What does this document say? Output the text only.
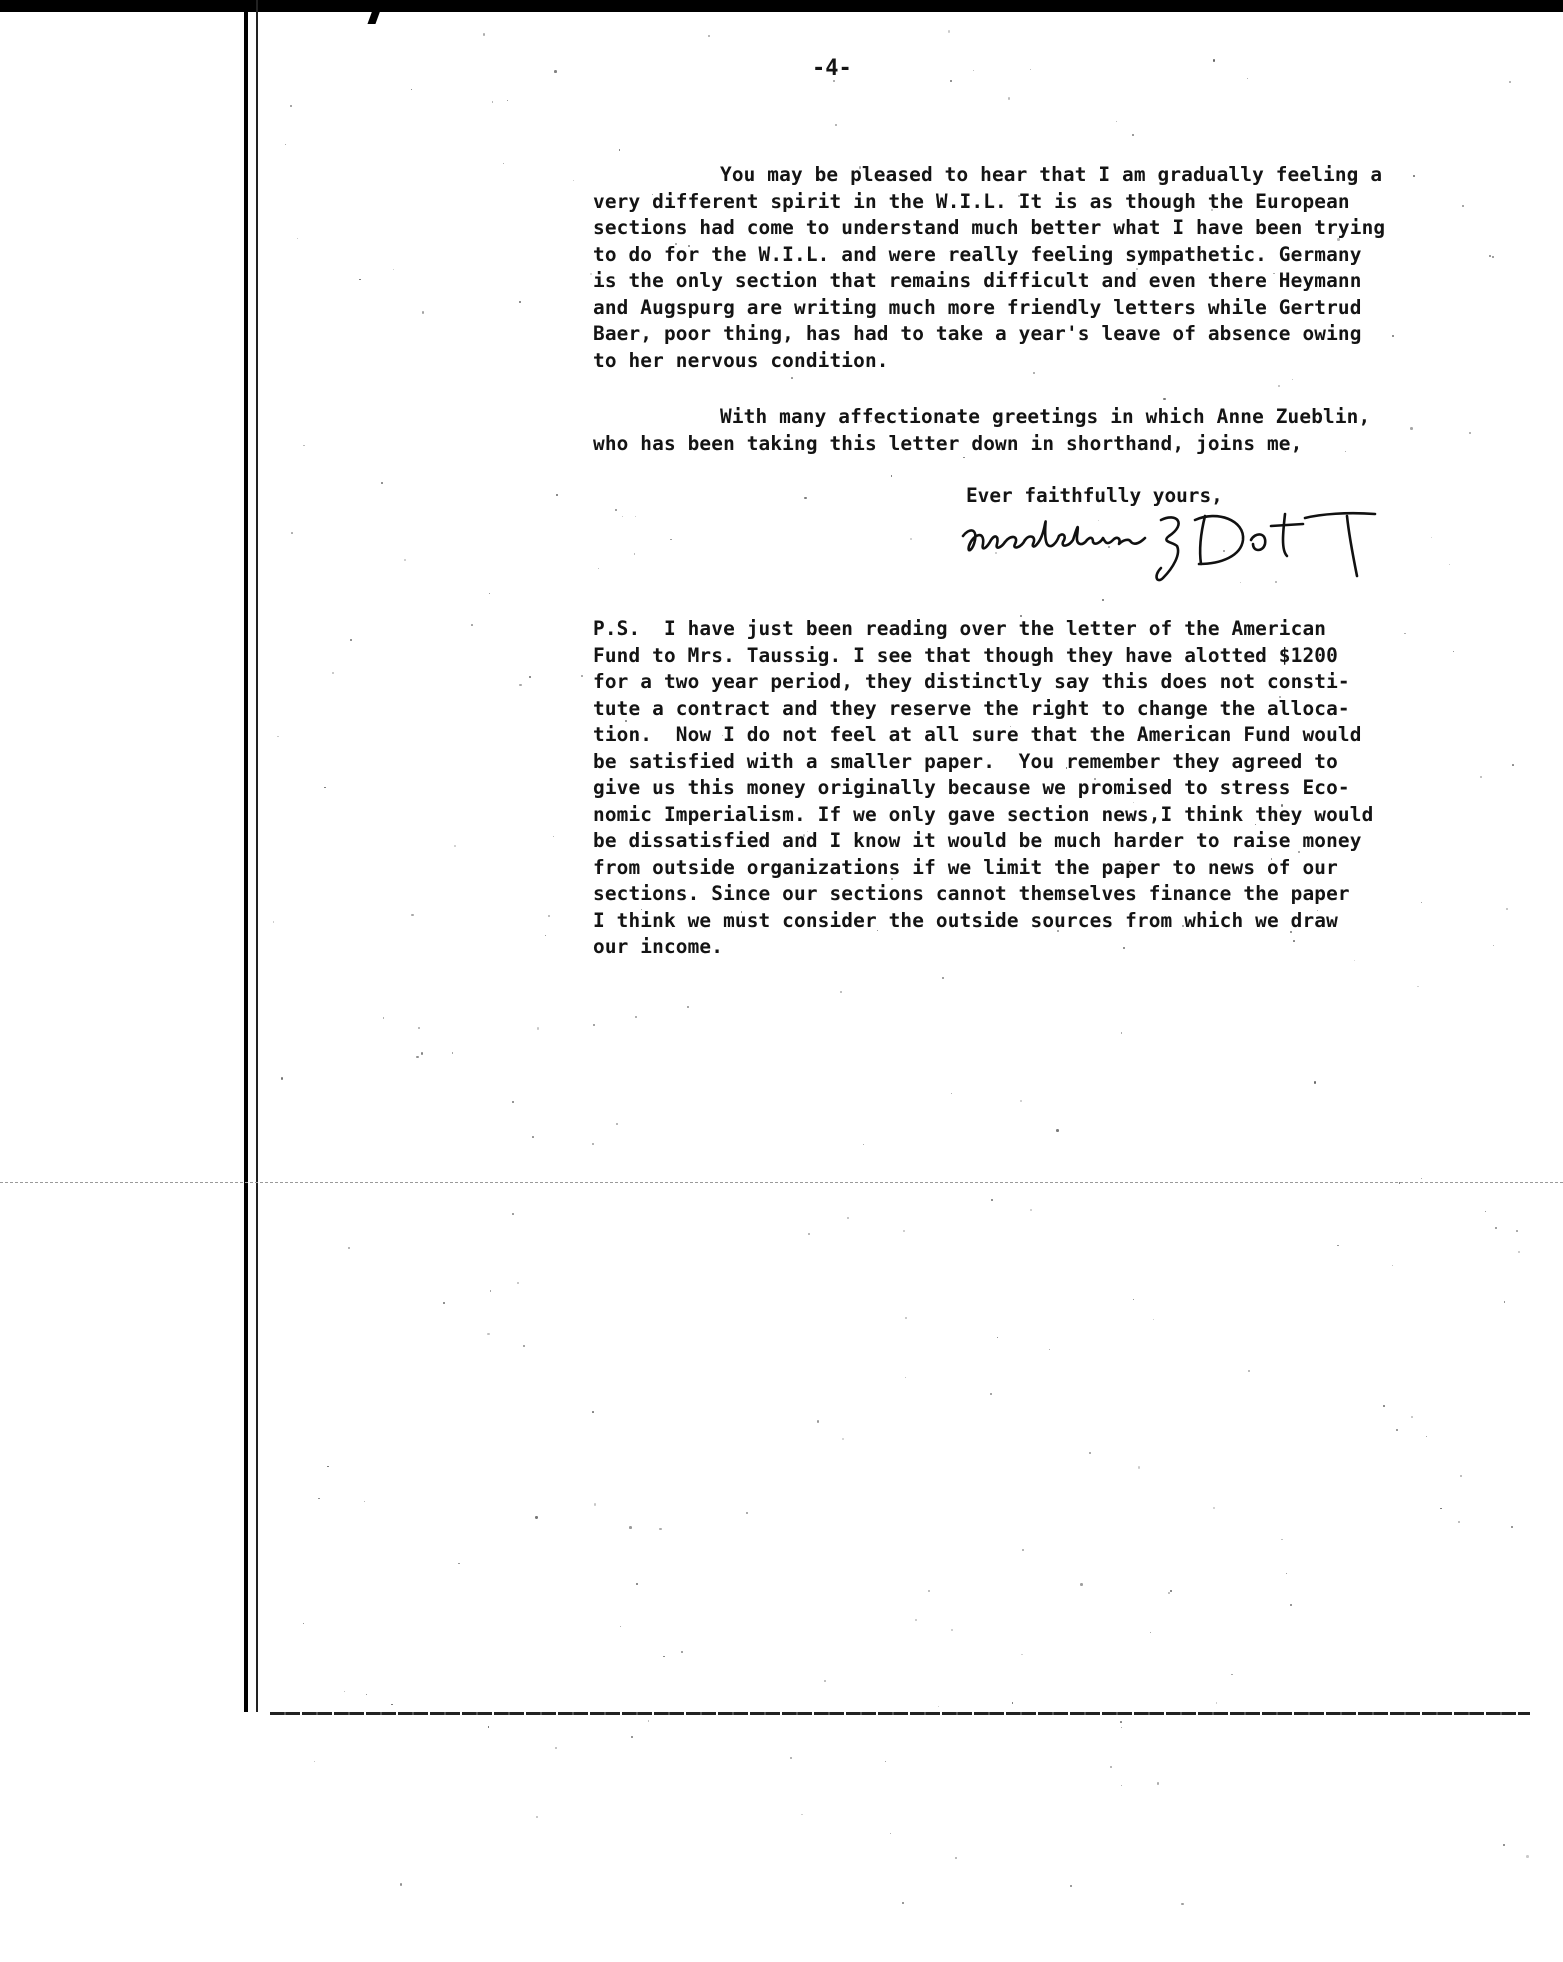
-4-
You may be pleased to hear that I am gradually feeling a
very different spirit in the W.I.L. It is as though the European
sections had come to understand much better what I have been trying
to do for the W.I.L. and were really feeling sympathetic. Germany
is the only section that remains difficult and even there Heymann
and Augspurg are writing much more friendly letters while Gertrud
Baer, poor thing, has had to take a year's leave of absence owing
to her nervous condition.
With many affectionate greetings in which Anne Zueblin,
who has been taking this letter down in shorthand, joins me,
Ever faithfully yours,
P.S.  I have just been reading over the letter of the American
Fund to Mrs. Taussig. I see that though they have alotted $1200
for a two year period, they distinctly say this does not consti-
tute a contract and they reserve the right to change the alloca-
tion.  Now I do not feel at all sure that the American Fund would
be satisfied with a smaller paper.  You remember they agreed to
give us this money originally because we promised to stress Eco-
nomic Imperialism. If we only gave section news,I think they would
be dissatisfied and I know it would be much harder to raise money
from outside organizations if we limit the paper to news of our
sections. Since our sections cannot themselves finance the paper
I think we must consider the outside sources from which we draw
our income.
